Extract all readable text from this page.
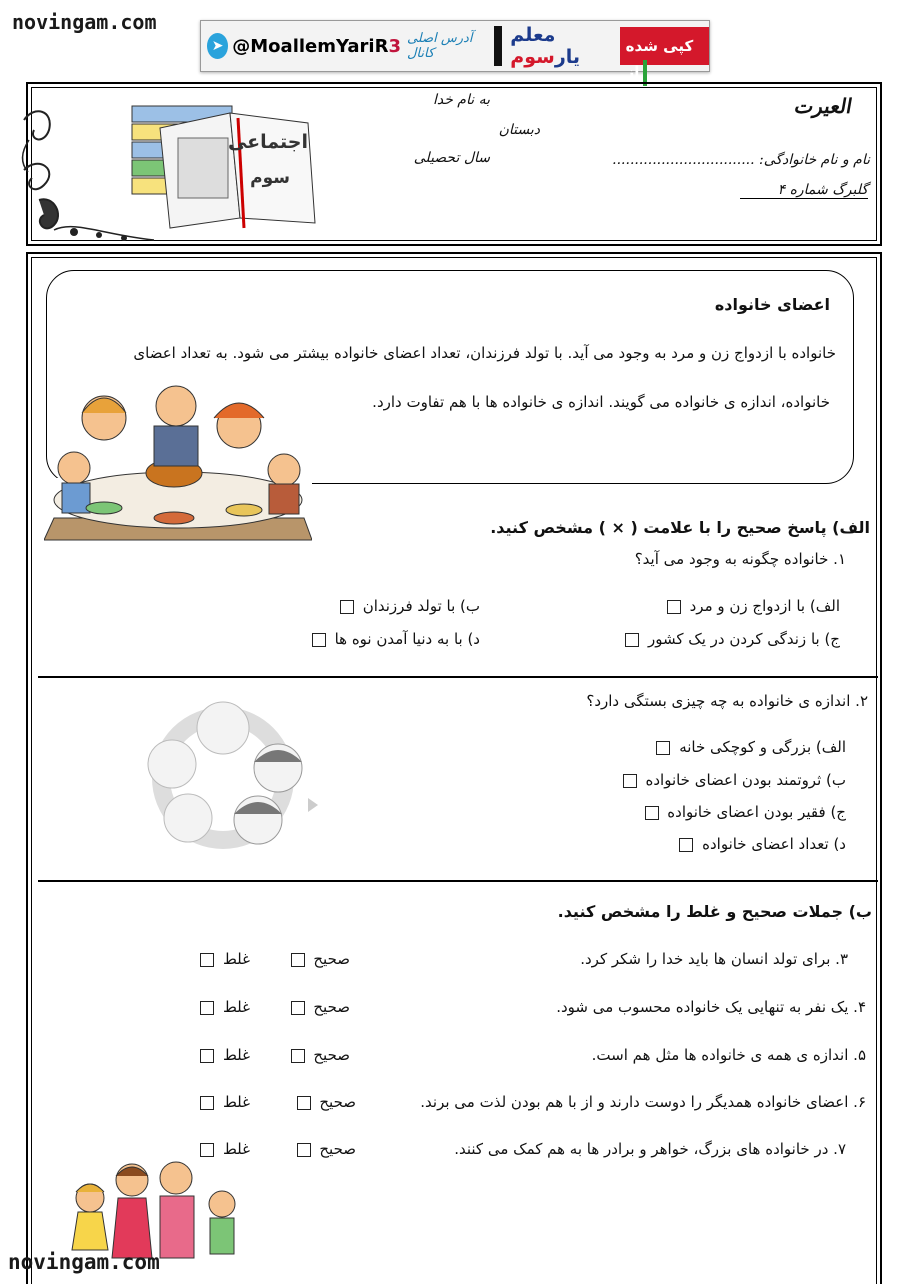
novingam.com
➤ @MoallemYariR3 آدرس اصلی کانال
معلم یارسوم	کپی شده از
اجتماعی
سوم
به نام خدا
دبستان
سال تحصیلی
العيرت
نام و نام خانوادگی: ................................
گلبرگ شماره ۴
اعضای خانواده
خانواده با ازدواج زن و مرد به وجود می آید. با تولد فرزندان، تعداد اعضای خانواده بیشتر می شود. به تعداد اعضای
خانواده، اندازه ی خانواده می گویند. اندازه ی خانواده ها با هم تفاوت دارد.
الف) پاسخ صحیح را با علامت ( × ) مشخص کنید.
۱. خانواده چگونه به وجود می آید؟
الف) با ازدواج زن و مرد
ب) با تولد فرزندان
ج) با زندگی کردن در یک کشور
د) با به دنیا آمدن نوه ها
۲. اندازه ی خانواده به چه چیزی بستگی دارد؟
الف) بزرگی و کوچکی خانه
ب) ثروتمند بودن اعضای خانواده
ج) فقیر بودن اعضای خانواده
د) تعداد اعضای خانواده
ب) جملات صحیح و غلط را مشخص کنید.
۳. برای تولد انسان ها باید خدا را شکر کرد.
صحیح
غلط
۴. یک نفر به تنهایی یک خانواده محسوب می شود.
صحیح
غلط
۵. اندازه ی همه ی خانواده ها مثل هم است.
صحیح
غلط
۶. اعضای خانواده همدیگر را دوست دارند و از با هم بودن لذت می برند.
صحیح
غلط
۷. در خانواده های بزرگ، خواهر و برادر ها به هم کمک می کنند.
صحیح
غلط
novingam.com
